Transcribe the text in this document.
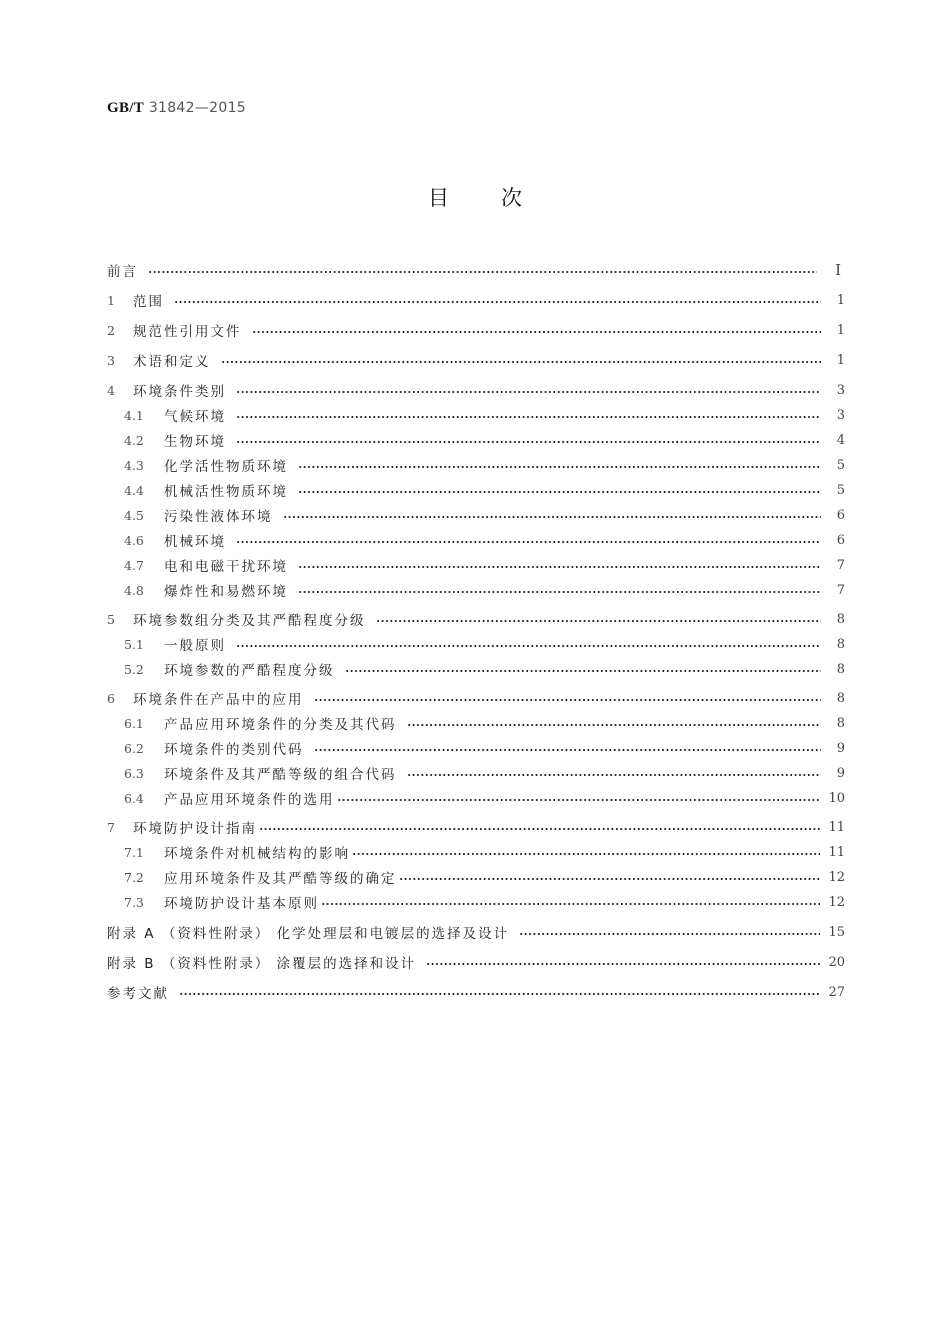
GB/T 31842—2015
目 次
前言	Ⅰ
1	范围	1
2	规范性引用文件	1
3	术语和定义	1
4	环境条件类别	3
4.1	气候环境	3
4.2	生物环境	4
4.3	化学活性物质环境	5
4.4	机械活性物质环境	5
4.5	污染性液体环境	6
4.6	机械环境	6
4.7	电和电磁干扰环境	7
4.8	爆炸性和易燃环境	7
5	环境参数组分类及其严酷程度分级	8
5.1	一般原则	8
5.2	环境参数的严酷程度分级	8
6	环境条件在产品中的应用	8
6.1	产品应用环境条件的分类及其代码	8
6.2	环境条件的类别代码	9
6.3	环境条件及其严酷等级的组合代码	9
6.4	产品应用环境条件的选用	10
7	环境防护设计指南	11
7.1	环境条件对机械结构的影响	11
7.2	应用环境条件及其严酷等级的确定	12
7.3	环境防护设计基本原则	12
附录 A （资料性附录） 化学处理层和电镀层的选择及设计	15
附录 B （资料性附录） 涂覆层的选择和设计	20
参考文献	27
